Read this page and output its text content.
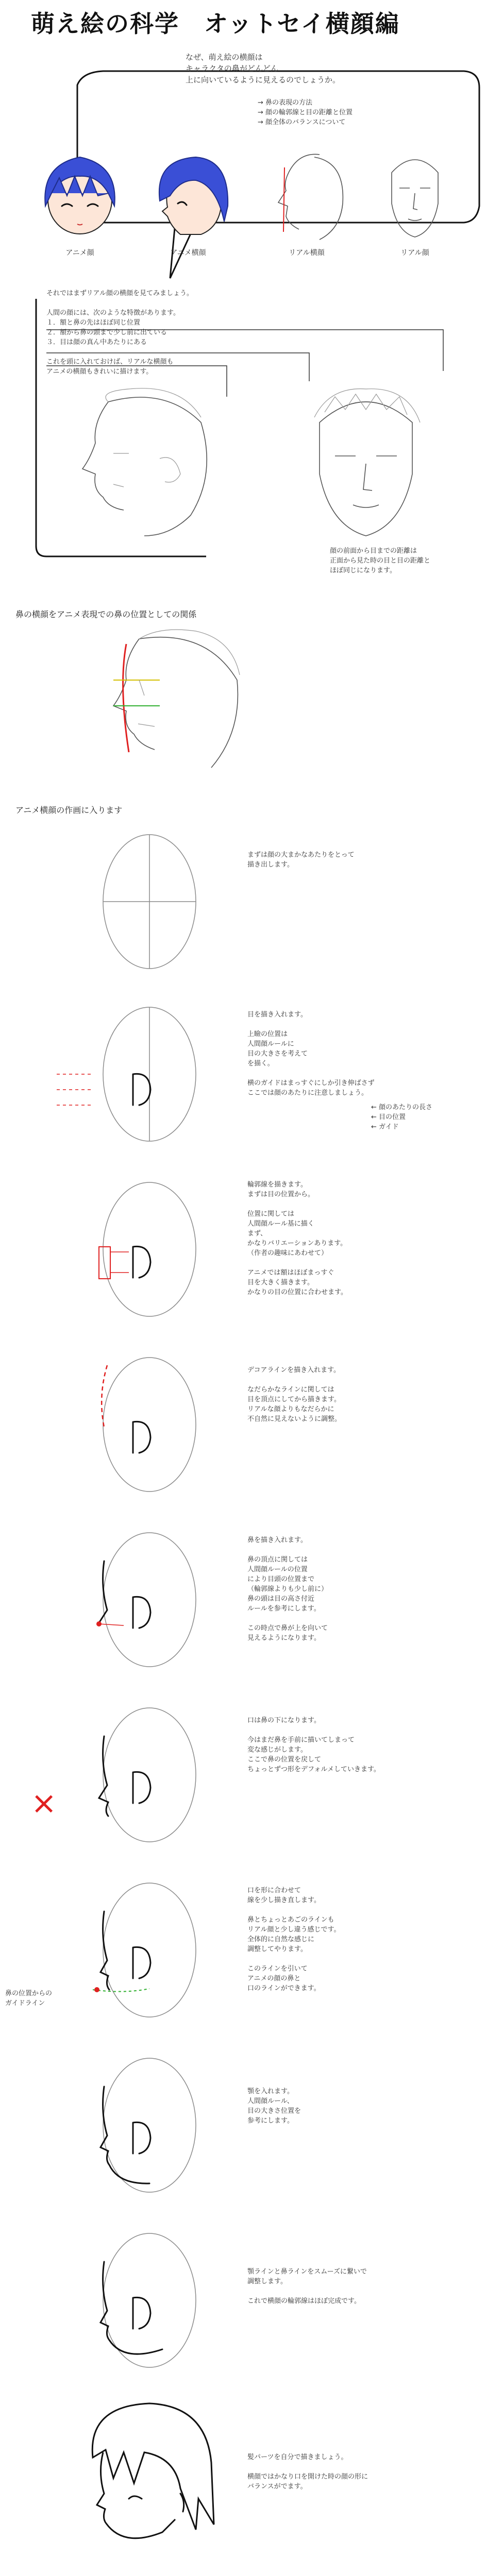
萌え絵の科学　オットセイ横顔編
なぜ、萌え絵の横顔は
キャラクタの鼻がどんどん
上に向いているように見えるのでしょうか。
→ 鼻の表現の方法
→ 顔の輪郭線と目の距離と位置
→ 顔全体のバランスについて
アニメ顔	アニメ横顔	リアル横顔	リアル顔
それではまずリアル顔の横顔を見てみましょう。

人間の顔には、次のような特徴があります。
１．額と鼻の先はほぼ同じ位置
２．額から鼻の頭まで少し前に出ている
３．目は顔の真ん中あたりにある

これを頭に入れておけば、リアルな横顔も
アニメの横顔もきれいに描けます。
顔の前面から目までの距離は
正面から見た時の目と目の距離と
ほぼ同じになります。
鼻の横顔をアニメ表現での鼻の位置としての関係
アニメ横顔の作画に入ります
まずは顔の大まかなあたりをとって
描き出します。
目を描き入れます。

上瞼の位置は
人間顔ルールに
目の大きさを考えて
を描く。

横のガイドはまっすぐにしか引き伸ばさず
ここでは顔のあたりに注意しましょう。
← 顔のあたりの長さ
← 目の位置
← ガイド
輪郭線を描きます。
まずは目の位置から。

位置に関しては
人間顔ルール基に描く
まず、
かなりバリエーションあります。
（作者の趣味にあわせて）

アニメでは額はほぼまっすぐ
目を大きく描きます。
かなりの目の位置に合わせます。
デコアラインを描き入れます。

なだらかなラインに関しては
目を頂点にしてから描きます。
リアルな顔よりもなだらかに
不自然に見えないように調整。
鼻を描き入れます。

鼻の頂点に関しては
人間顔ルールの位置
により目頭の位置まで
（輪郭線よりも少し前に）
鼻の頭は目の高さ付近
ルールを参考にします。

この時点で鼻が上を向いて
見えるようになります。
×
口は鼻の下になります。

今はまだ鼻を手前に描いてしまって
変な感じがします。
ここで鼻の位置を戻して
ちょっとずつ形をデフォルメしていきます。
鼻の位置からの
ガイドライン
口を形に合わせて
線を少し描き直します。

鼻とちょっとあごのラインも
リアル顔と少し違う感じです。
全体的に自然な感じに
調整してやります。

このラインを引いて
アニメの顔の鼻と
口のラインができます。
顎を入れます。
人間顔ルール、
目の大きさ位置を
参考にします。
顎ラインと鼻ラインをスムーズに繋いで
調整します。

これで横顔の輪郭線はほぼ完成です。
髪パーツを自分で描きましょう。

横顔ではかなり口を開けた時の顔の形に
バランスがでます。
